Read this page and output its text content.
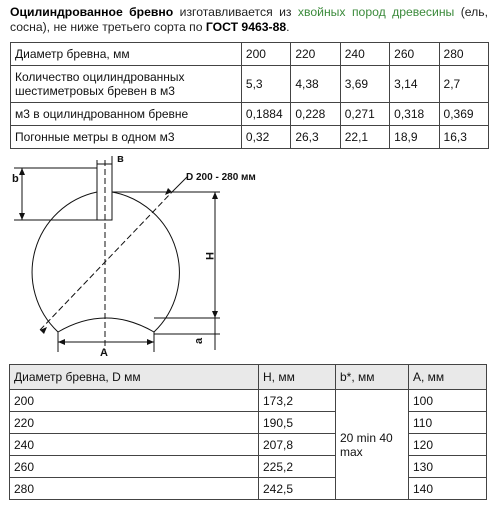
Оцилиндрованное бревно изготавливается из хвойных пород древесины (ель, сосна), не ниже третьего сорта по ГОСТ 9463-88.
Диаметр бревна, мм	200	220	240	260	280
Количество оцилиндрованных шестиметровых бревен в м3	5,3	4,38	3,69	3,14	2,7
м3 в оцилиндрованном бревне	0,1884	0,228	0,271	0,318	0,369
Погонные метры в одном м3	0,32	26,3	22,1	18,9	16,3
в
b	D 200 - 280 мм
H
A
a
Диаметр бревна, D мм	H, мм	b*, мм	A, мм
200	173,2	20 min 40 max	100
220	190,5		110
240	207,8		120
260	225,2		130
280	242,5		140
